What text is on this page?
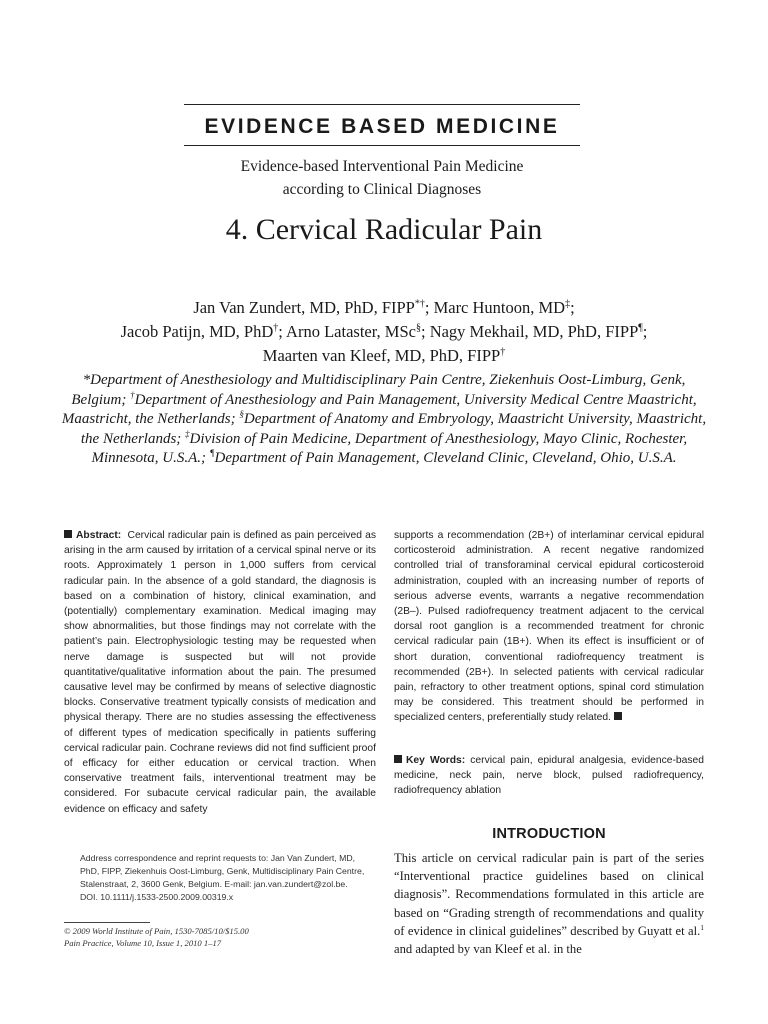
EVIDENCE BASED MEDICINE
Evidence-based Interventional Pain Medicine
according to Clinical Diagnoses
4. Cervical Radicular Pain
Jan Van Zundert, MD, PhD, FIPP*†; Marc Huntoon, MD‡;
Jacob Patijn, MD, PhD†; Arno Lataster, MSc§; Nagy Mekhail, MD, PhD, FIPP¶;
Maarten van Kleef, MD, PhD, FIPP†
*Department of Anesthesiology and Multidisciplinary Pain Centre, Ziekenhuis Oost-Limburg, Genk, Belgium; †Department of Anesthesiology and Pain Management, University Medical Centre Maastricht, Maastricht, the Netherlands; §Department of Anatomy and Embryology, Maastricht University, Maastricht, the Netherlands; ‡Division of Pain Medicine, Department of Anesthesiology, Mayo Clinic, Rochester, Minnesota, U.S.A.; ¶Department of Pain Management, Cleveland Clinic, Cleveland, Ohio, U.S.A.
Abstract: Cervical radicular pain is defined as pain perceived as arising in the arm caused by irritation of a cervical spinal nerve or its roots. Approximately 1 person in 1,000 suffers from cervical radicular pain. In the absence of a gold standard, the diagnosis is based on a combination of history, clinical examination, and (potentially) complementary examination. Medical imaging may show abnormalities, but those findings may not correlate with the patient’s pain. Electrophysiologic testing may be requested when nerve damage is suspected but will not provide quantitative/qualitative information about the pain. The presumed causative level may be confirmed by means of selective diagnostic blocks. Conservative treatment typically consists of medication and physical therapy. There are no studies assessing the effectiveness of different types of medication specifically in patients suffering cervical radicular pain. Cochrane reviews did not find sufficient proof of efficacy for either education or cervical traction. When conservative treatment fails, interventional treatment may be considered. For subacute cervical radicular pain, the available evidence on efficacy and safety
supports a recommendation (2B+) of interlaminar cervical epidural corticosteroid administration. A recent negative randomized controlled trial of transforaminal cervical epidural corticosteroid administration, coupled with an increasing number of reports of serious adverse events, warrants a negative recommendation (2B–). Pulsed radiofrequency treatment adjacent to the cervical dorsal root ganglion is a recommended treatment for chronic cervical radicular pain (1B+). When its effect is insufficient or of short duration, conventional radiofrequency treatment is recommended (2B+). In selected patients with cervical radicular pain, refractory to other treatment options, spinal cord stimulation may be considered. This treatment should be performed in specialized centers, preferentially study related.
Key Words: cervical pain, epidural analgesia, evidence-based medicine, neck pain, nerve block, pulsed radiofrequency, radiofrequency ablation
INTRODUCTION
This article on cervical radicular pain is part of the series “Interventional practice guidelines based on clinical diagnosis”. Recommendations formulated in this article are based on “Grading strength of recommendations and quality of evidence in clinical guidelines” described by Guyatt et al.$^1$ and adapted by van Kleef et al. in the
Address correspondence and reprint requests to: Jan Van Zundert, MD, PhD, FIPP, Ziekenhuis Oost-Limburg, Genk, Multidisciplinary Pain Centre, Stalenstraat, 2, 3600 Genk, Belgium. E-mail: jan.van.zundert@zol.be.
DOI. 10.1111/j.1533-2500.2009.00319.x
© 2009 World Institute of Pain, 1530-7085/10/$15.00
Pain Practice, Volume 10, Issue 1, 2010 1–17
